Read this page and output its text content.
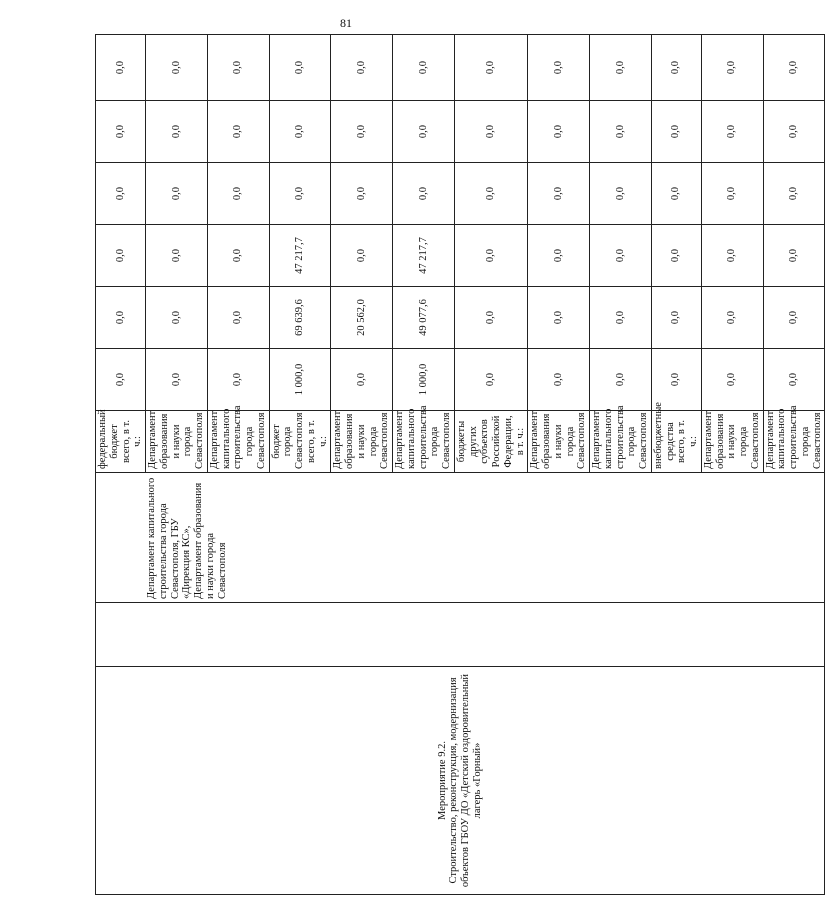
81
Мероприятие 9.2. Строительство, реконструкция, модернизация объектов ГБОУ ДО «Детский оздоровительный лагерь «Горный»		Департамент капитального строительства города Севастополя, ГБУ «Дирекция КС», Департамент образования и науки города Севастополя	федеральный бюджет всего, в т. ч.:	0,0	0,0	0,0	0,0	0,0	0,0	
			Департамент образования и науки города Севастополя	0,0	0,0	0,0	0,0	0,0	0,0	
			Департамент капитального строительства города Севастополя	0,0	0,0	0,0	0,0	0,0	0,0	
			бюджет города Севастополя всего, в т. ч.:	1 000,0	69 639,6	47 217,7	0,0	0,0	0,0	
			Департамент образования и науки города Севастополя	0,0	20 562,0	0,0	0,0	0,0	0,0	
			Департамент капитального строительства города Севастополя	1 000,0	49 077,6	47 217,7	0,0	0,0	0,0	
			бюджеты других субъектов Российской Федерации, в т. ч.:	0,0	0,0	0,0	0,0	0,0	0,0	
			Департамент образования и науки города Севастополя	0,0	0,0	0,0	0,0	0,0	0,0	
			Департамент капитального строительства города Севастополя	0,0	0,0	0,0	0,0	0,0	0,0	
			внебюджетные средства всего, в т. ч.:	0,0	0,0	0,0	0,0	0,0	0,0	
			Департамент образования и науки города Севастополя	0,0	0,0	0,0	0,0	0,0	0,0	
			Департамент капитального строительства города Севастополя	0,0	0,0	0,0	0,0	0,0	0,0	
